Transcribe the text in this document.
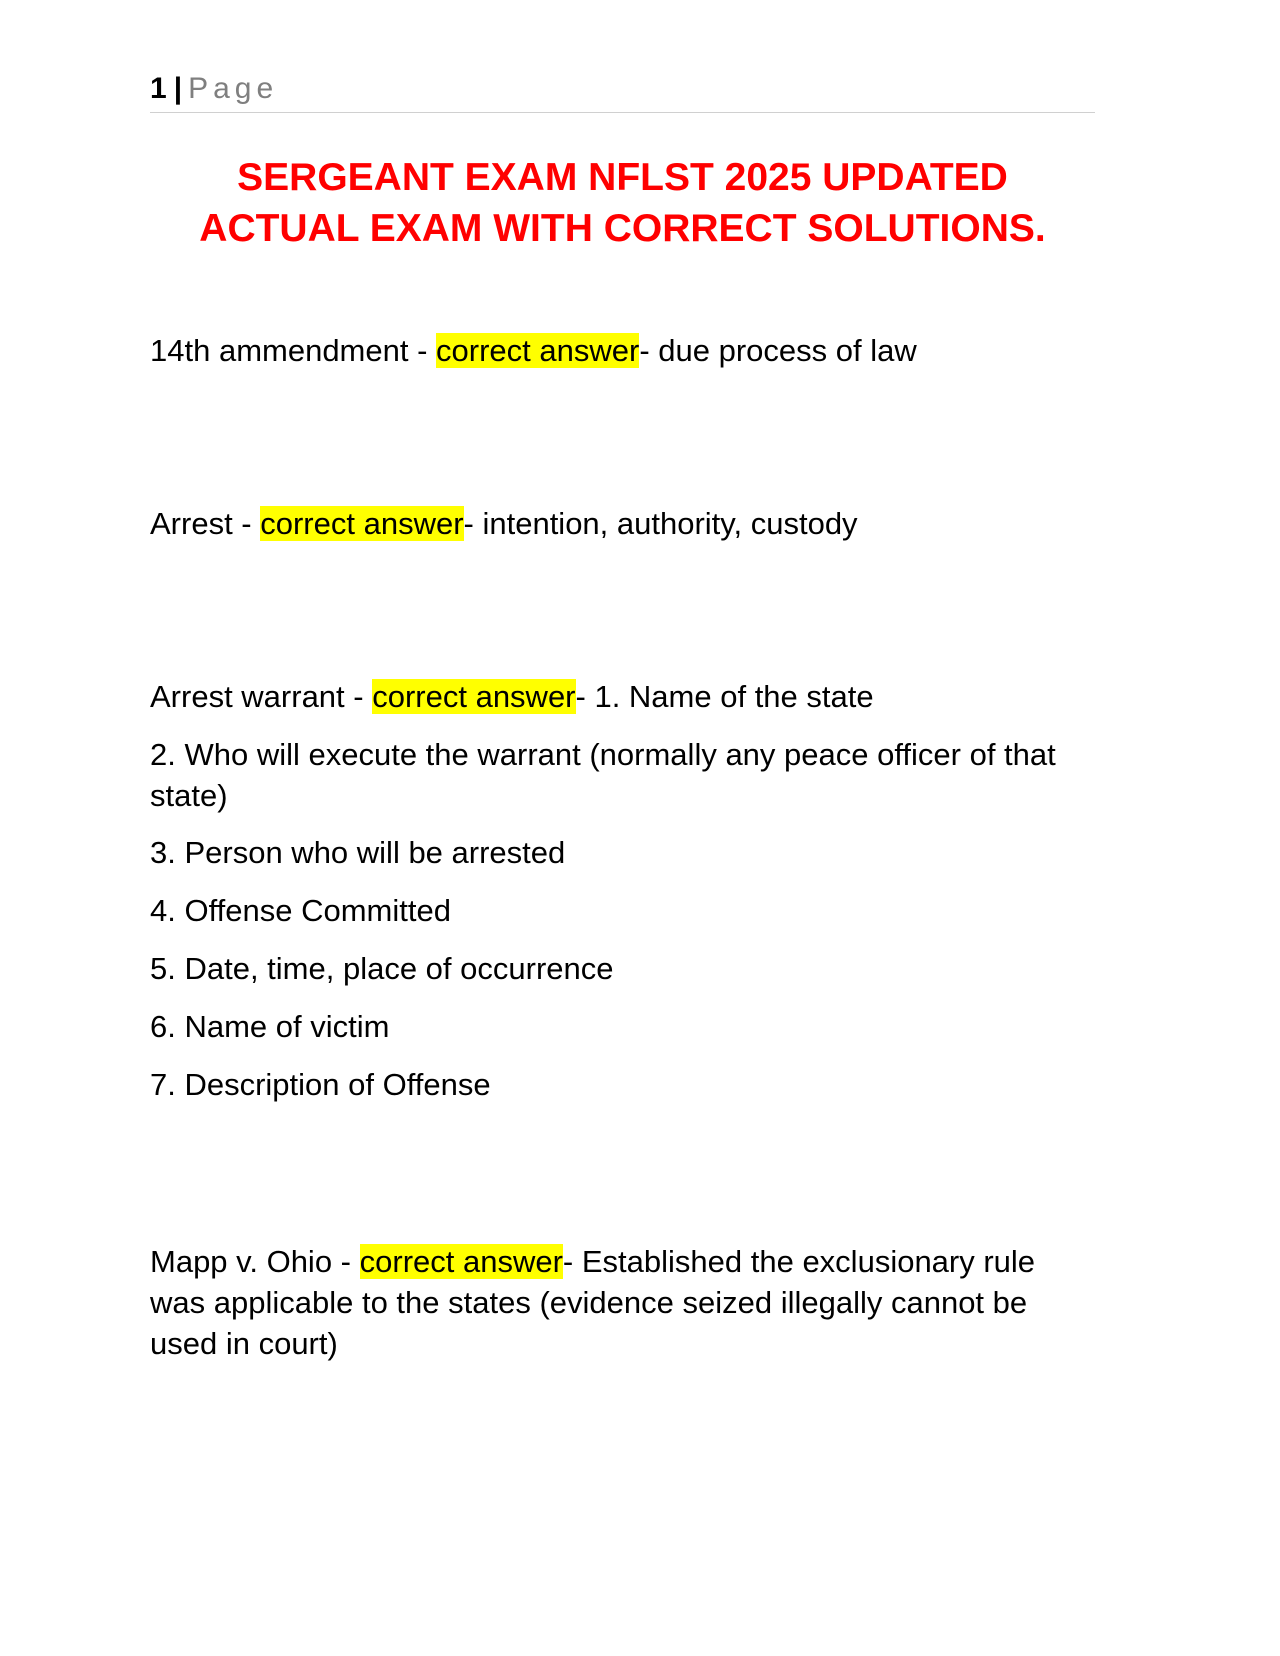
1 | Page
SERGEANT EXAM NFLST 2025 UPDATED
ACTUAL EXAM WITH CORRECT SOLUTIONS.

14th ammendment - correct answer- due process of law

Arrest - correct answer- intention, authority, custody

Arrest warrant - correct answer- 1. Name of the state

2. Who will execute the warrant (normally any peace officer of that state)

3. Person who will be arrested

4. Offense Committed

5. Date, time, place of occurrence

6. Name of victim

7. Description of Offense

Mapp v. Ohio - correct answer- Established the exclusionary rule was applicable to the states (evidence seized illegally cannot be used in court)
